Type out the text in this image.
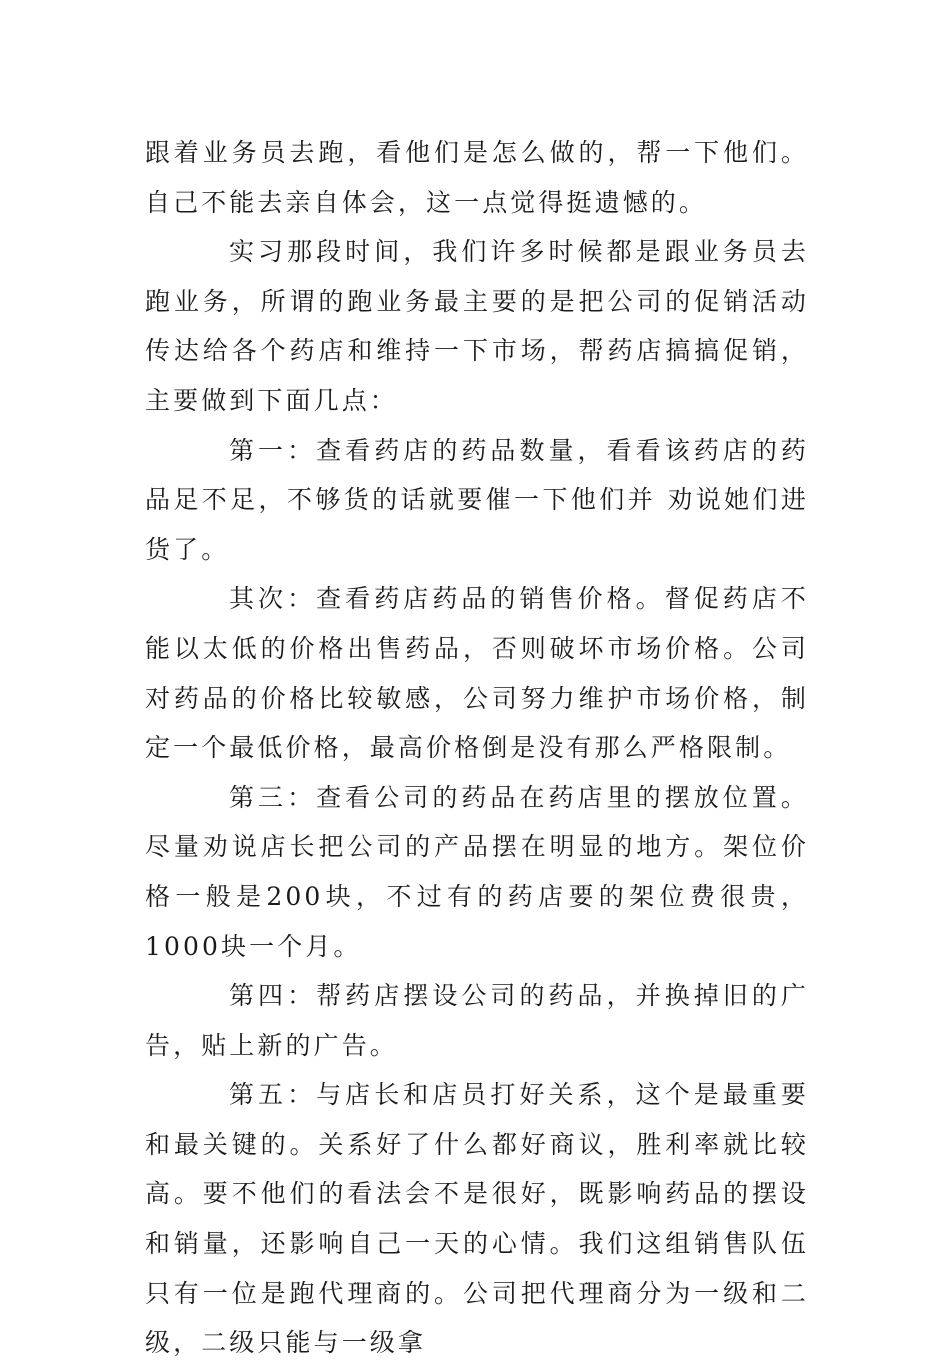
跟着业务员去跑，看他们是怎么做的，帮一下他们。自己不能去亲自体会，这一点觉得挺遗憾的。

实习那段时间，我们许多时候都是跟业务员去跑业务，所谓的跑业务最主要的是把公司的促销活动传达给各个药店和维持一下市场，帮药店搞搞促销，主要做到下面几点：

第一：查看药店的药品数量，看看该药店的药品足不足，不够货的话就要催一下他们并 劝说她们进货了。

其次：查看药店药品的销售价格。督促药店不能以太低的价格出售药品，否则破坏市场价格。公司对药品的价格比较敏感，公司努力维护市场价格，制定一个最低价格，最高价格倒是没有那么严格限制。

第三：查看公司的药品在药店里的摆放位置。尽量劝说店长把公司的产品摆在明显的地方。架位价格一般是200块，不过有的药店要的架位费很贵，1000块一个月。

第四：帮药店摆设公司的药品，并换掉旧的广告，贴上新的广告。

第五：与店长和店员打好关系，这个是最重要和最关键的。关系好了什么都好商议，胜利率就比较高。要不他们的看法会不是很好，既影响药品的摆设和销量，还影响自己一天的心情。我们这组销售队伍只有一位是跑代理商的。公司把代理商分为一级和二级，二级只能与一级拿
